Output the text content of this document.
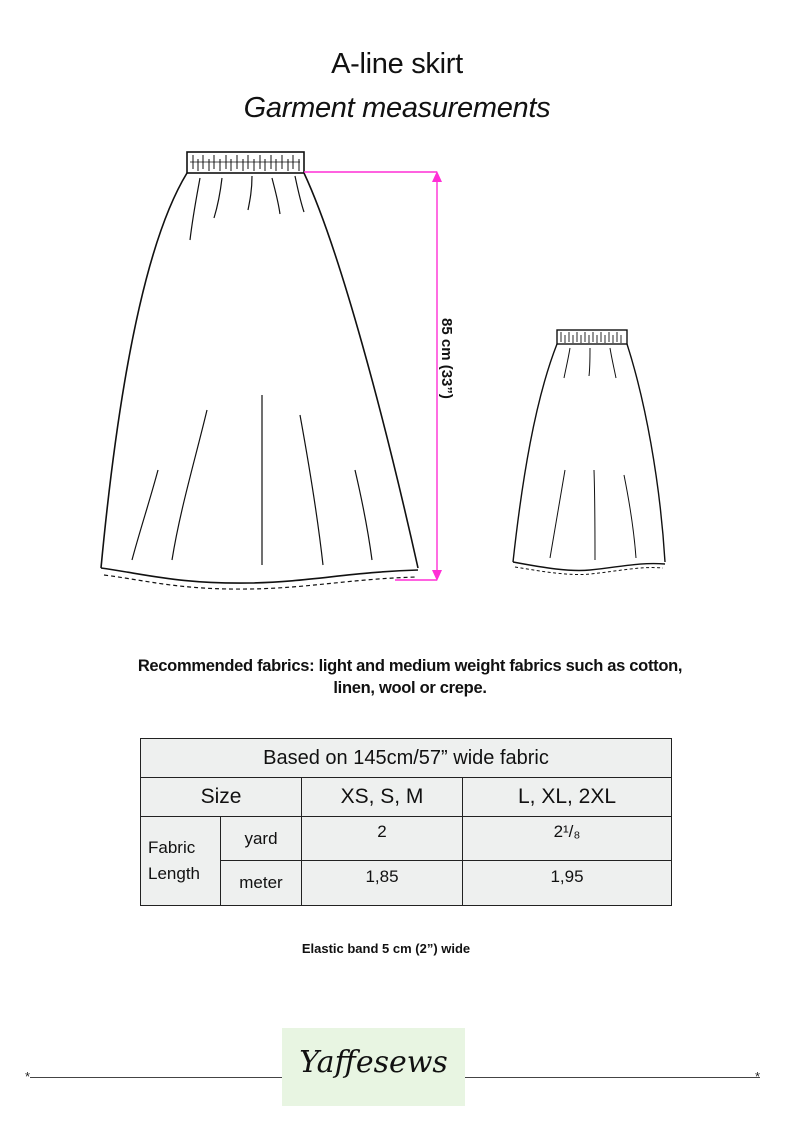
A-line skirt
Garment measurements
85 cm (33”)
Recommended fabrics: light and medium weight fabrics such as cotton,
linen, wool or crepe.
Based on 145cm/57” wide fabric			
Size		XS, S, M	L, XL, 2XL
Fabric
Length	yard	2	2¹/₈
	meter	1,85	1,95
Elastic band 5 cm (2”) wide
*	*
Yaffesews
